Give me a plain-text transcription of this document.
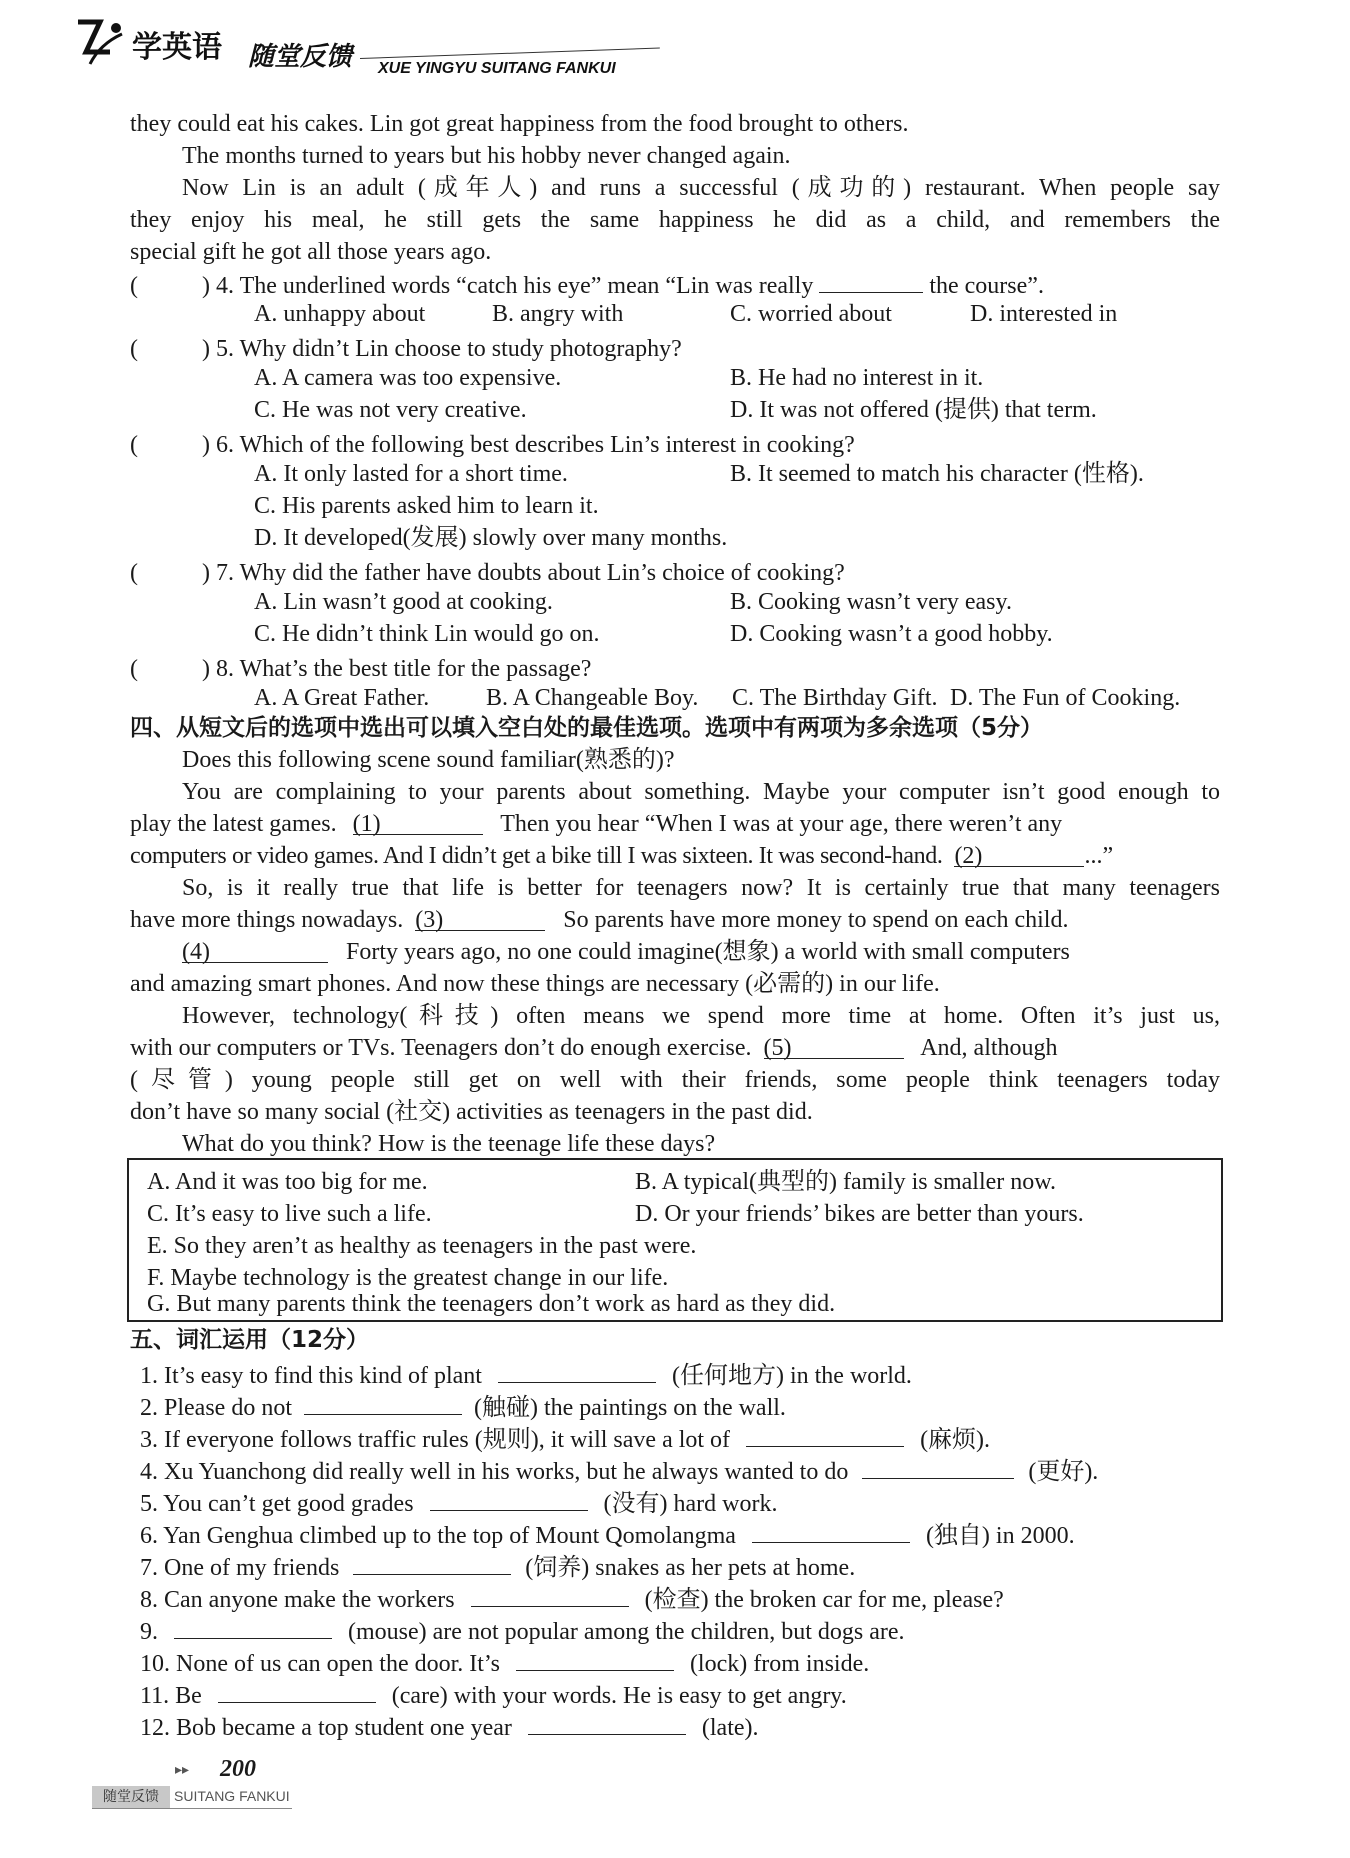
学英语 随堂反馈 XUE YINGYU SUITANG FANKUI
they could eat his cakes. Lin got great happiness from the food brought to others.
The months turned to years but his hobby never changed again.
Now Lin is an adult (成年人) and runs a successful (成功的) restaurant. When people say
they enjoy his meal, he still gets the same happiness he did as a child, and remembers the
special gift he got all those years ago.
(	) 4. The underlined words “catch his eye” mean “Lin was really	the course”.
A. unhappy about	B. angry with	C. worried about	D. interested in
(	) 5. Why didn’t Lin choose to study photography?
A. A camera was too expensive.	B. He had no interest in it.
C. He was not very creative.	D. It was not offered (提供) that term.
(	) 6. Which of the following best describes Lin’s interest in cooking?
A. It only lasted for a short time.	B. It seemed to match his character (性格).
C. His parents asked him to learn it.
D. It developed(发展) slowly over many months.
(	) 7. Why did the father have doubts about Lin’s choice of cooking?
A. Lin wasn’t good at cooking.	B. Cooking wasn’t very easy.
C. He didn’t think Lin would go on.	D. Cooking wasn’t a good hobby.
(	) 8. What’s the best title for the passage?
A. A Great Father. B. A Changeable Boy. C. The Birthday Gift. D. The Fun of Cooking.
四、从短文后的选项中选出可以填入空白处的最佳选项。选项中有两项为多余选项（5分）
Does this following scene sound familiar(熟悉的)?
You are complaining to your parents about something. Maybe your computer isn’t good enough to
play the latest games. (1)	Then you hear “When I was at your age, there weren’t any
computers or video games. And I didn’t get a bike till I was sixteen. It was second-hand. (2)	...”
So, is it really true that life is better for teenagers now? It is certainly true that many teenagers
have more things nowadays. (3)	So parents have more money to spend on each child.
(4)	Forty years ago, no one could imagine(想象) a world with small computers
and amazing smart phones. And now these things are necessary (必需的) in our life.
However, technology(科技) often means we spend more time at home. Often it’s just us,
with our computers or TVs. Teenagers don’t do enough exercise. (5)	And, although
(尽管) young people still get on well with their friends, some people think teenagers today
don’t have so many social (社交) activities as teenagers in the past did.
What do you think? How is the teenage life these days?
A. And it was too big for me.	B. A typical(典型的) family is smaller now.
C. It’s easy to live such a life.	D. Or your friends’ bikes are better than yours.
E. So they aren’t as healthy as teenagers in the past were.
F. Maybe technology is the greatest change in our life.
G. But many parents think the teenagers don’t work as hard as they did.
五、词汇运用（12分）
1. It’s easy to find this kind of plant	(任何地方) in the world.
2. Please do not	(触碰) the paintings on the wall.
3. If everyone follows traffic rules (规则), it will save a lot of	(麻烦).
4. Xu Yuanchong did really well in his works, but he always wanted to do	(更好).
5. You can’t get good grades	(没有) hard work.
6. Yan Genghua climbed up to the top of Mount Qomolangma	(独自) in 2000.
7. One of my friends	(饲养) snakes as her pets at home.
8. Can anyone make the workers	(检查) the broken car for me, please?
9.	(mouse) are not popular among the children, but dogs are.
10. None of us can open the door. It’s	(lock) from inside.
11. Be	(care) with your words. He is easy to get angry.
12. Bob became a top student one year	(late).
▸▸ 200
随堂反馈	SUITANG FANKUI
